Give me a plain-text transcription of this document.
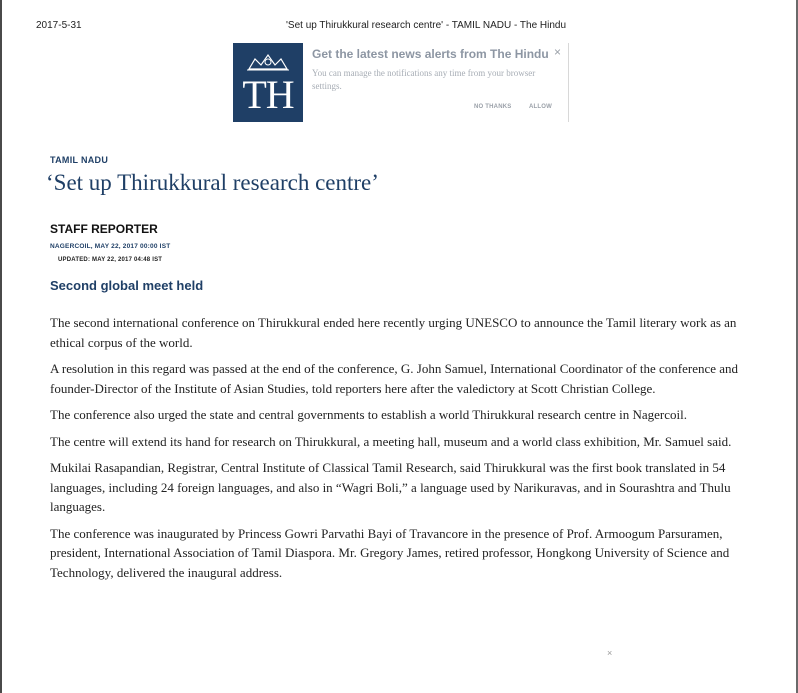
2017-5-31	'Set up Thirukkural research centre' - TAMIL NADU - The Hindu
TH
Get the latest news alerts from The Hindu
You can manage the notifications any time from your browser settings.
×
NO THANKS	ALLOW
TAMIL NADU
‘Set up Thirukkural research centre’
STAFF REPORTER
NAGERCOIL, MAY 22, 2017 00:00 IST
UPDATED: MAY 22, 2017 04:48 IST
Second global meet held

The second international conference on Thirukkural ended here recently urging UNESCO to announce the Tamil literary work as an ethical corpus of the world.

A resolution in this regard was passed at the end of the conference, G. John Samuel, International Coordinator of the conference and founder-Director of the Institute of Asian Studies, told reporters here after the valedictory at Scott Christian College.

The conference also urged the state and central governments to establish a world Thirukkural research centre in Nagercoil.

The centre will extend its hand for research on Thirukkural, a meeting hall, museum and a world class exhibition, Mr. Samuel said.

Mukilai Rasapandian, Registrar, Central Institute of Classical Tamil Research, said Thirukkural was the first book translated in 54 languages, including 24 foreign languages, and also in “Wagri Boli,” a language used by Narikuravas, and in Sourashtra and Thulu languages.

The conference was inaugurated by Princess Gowri Parvathi Bayi of Travancore in the presence of Prof. Armoogum Parsuramen, president, International Association of Tamil Diaspora. Mr. Gregory James, retired professor, Hongkong University of Science and Technology, delivered the inaugural address.

×
